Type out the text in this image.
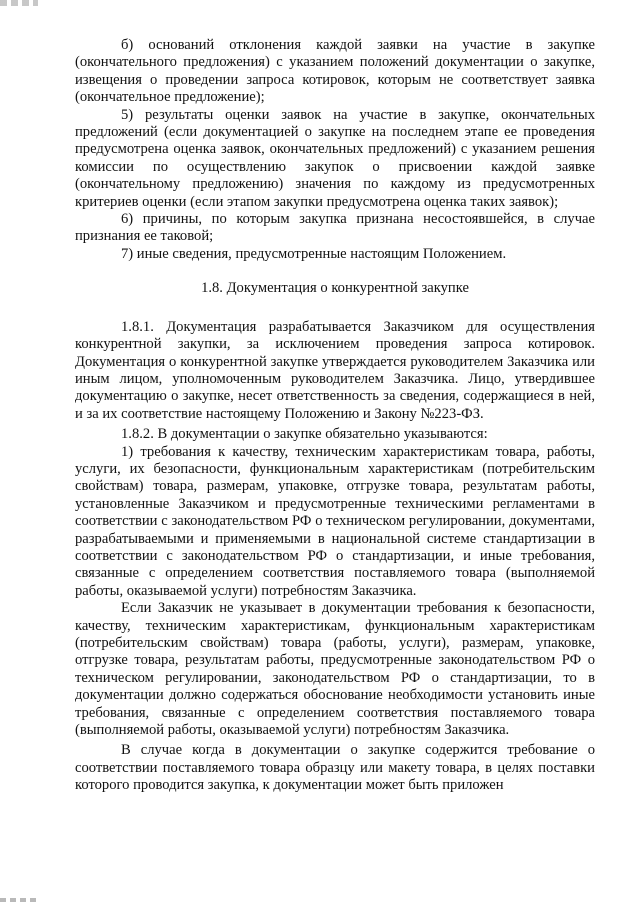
б) оснований отклонения каждой заявки на участие в закупке (окончательного предложения) с указанием положений документации о закупке, извещения о проведении запроса котировок, которым не соответствует заявка (окончательное предложение);

5) результаты оценки заявок на участие в закупке, окончательных предложений (если документацией о закупке на последнем этапе ее проведения предусмотрена оценка заявок, окончательных предложений) с указанием решения комиссии по осуществлению закупок о присвоении каждой заявке (окончательному предложению) значения по каждому из предусмотренных критериев оценки (если этапом закупки предусмотрена оценка таких заявок);

6) причины, по которым закупка признана несостоявшейся, в случае признания ее таковой;

7) иные сведения, предусмотренные настоящим Положением.

1.8. Документация о конкурентной закупке

1.8.1. Документация разрабатывается Заказчиком для осуществления конкурентной закупки, за исключением проведения запроса котировок. Документация о конкурентной закупке утверждается руководителем Заказчика или иным лицом, уполномоченным руководителем Заказчика. Лицо, утвердившее документацию о закупке, несет ответственность за сведения, содержащиеся в ней, и за их соответствие настоящему Положению и Закону №223-ФЗ.

1.8.2. В документации о закупке обязательно указываются:

1) требования к качеству, техническим характеристикам товара, работы, услуги, их безопасности, функциональным характеристикам (потребительским свойствам) товара, размерам, упаковке, отгрузке товара, результатам работы, установленные Заказчиком и предусмотренные техническими регламентами в соответствии с законодательством РФ о техническом регулировании, документами, разрабатываемыми и применяемыми в национальной системе стандартизации в соответствии с законодательством РФ о стандартизации, и иные требования, связанные с определением соответствия поставляемого товара (выполняемой работы, оказываемой услуги) потребностям Заказчика.

Если Заказчик не указывает в документации требования к безопасности, качеству, техническим характеристикам, функциональным характеристикам (потребительским свойствам) товара (работы, услуги), размерам, упаковке, отгрузке товара, результатам работы, предусмотренные законодательством РФ о техническом регулировании, законодательством РФ о стандартизации, то в документации должно содержаться обоснование необходимости установить иные требования, связанные с определением соответствия поставляемого товара (выполняемой работы, оказываемой услуги) потребностям Заказчика.

В случае когда в документации о закупке содержится требование о соответствии поставляемого товара образцу или макету товара, в целях поставки которого проводится закупка, к документации может быть приложен
